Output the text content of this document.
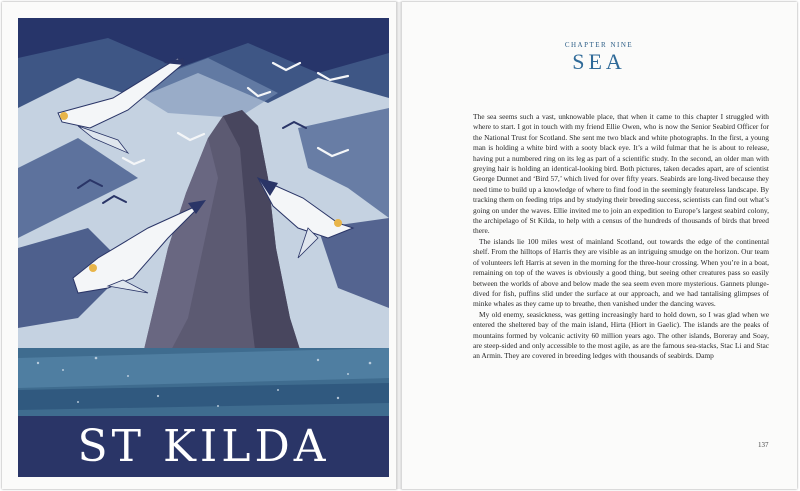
ST KILDA
CHAPTER NINE
SEA

The sea seems such a vast, unknowable place, that when it came to this chapter I struggled with where to start. I got in touch with my friend Ellie Owen, who is now the Senior Seabird Officer for the National Trust for Scotland. She sent me two black and white photographs. In the first, a young man is holding a white bird with a sooty black eye. It’s a wild fulmar that he is about to release, having put a numbered ring on its leg as part of a scientific study. In the second, an older man with greying hair is holding an identical-looking bird. Both pictures, taken decades apart, are of scientist George Dunnet and ‘Bird 57,’ which lived for over fifty years. Seabirds are long-lived because they need time to build up a knowledge of where to find food in the seemingly featureless landscape. By tracking them on feeding trips and by studying their breeding success, scientists can find out what’s going on under the waves. Ellie invited me to join an expedition to Europe’s largest seabird colony, the archipelago of St Kilda, to help with a census of the hundreds of thousands of birds that breed there.

The islands lie 100 miles west of mainland Scotland, out towards the edge of the continental shelf. From the hilltops of Harris they are visible as an intriguing smudge on the horizon. Our team of volunteers left Harris at seven in the morning for the three-hour crossing. When you’re in a boat, remaining on top of the waves is obviously a good thing, but seeing other creatures pass so easily between the worlds of above and below made the sea seem even more mysterious. Gannets plunge-dived for fish, puffins slid under the surface at our approach, and we had tantalising glimpses of minke whales as they came up to breathe, then vanished under the dancing waves.

My old enemy, seasickness, was getting increasingly hard to hold down, so I was glad when we entered the sheltered bay of the main island, Hirta (Hiort in Gaelic). The islands are the peaks of mountains formed by volcanic activity 60 million years ago. The other islands, Boreray and Soay, are steep-sided and only accessible to the most agile, as are the famous sea-stacks, Stac Li and Stac an Armin. They are covered in breeding ledges with thousands of seabirds. Damp

137
